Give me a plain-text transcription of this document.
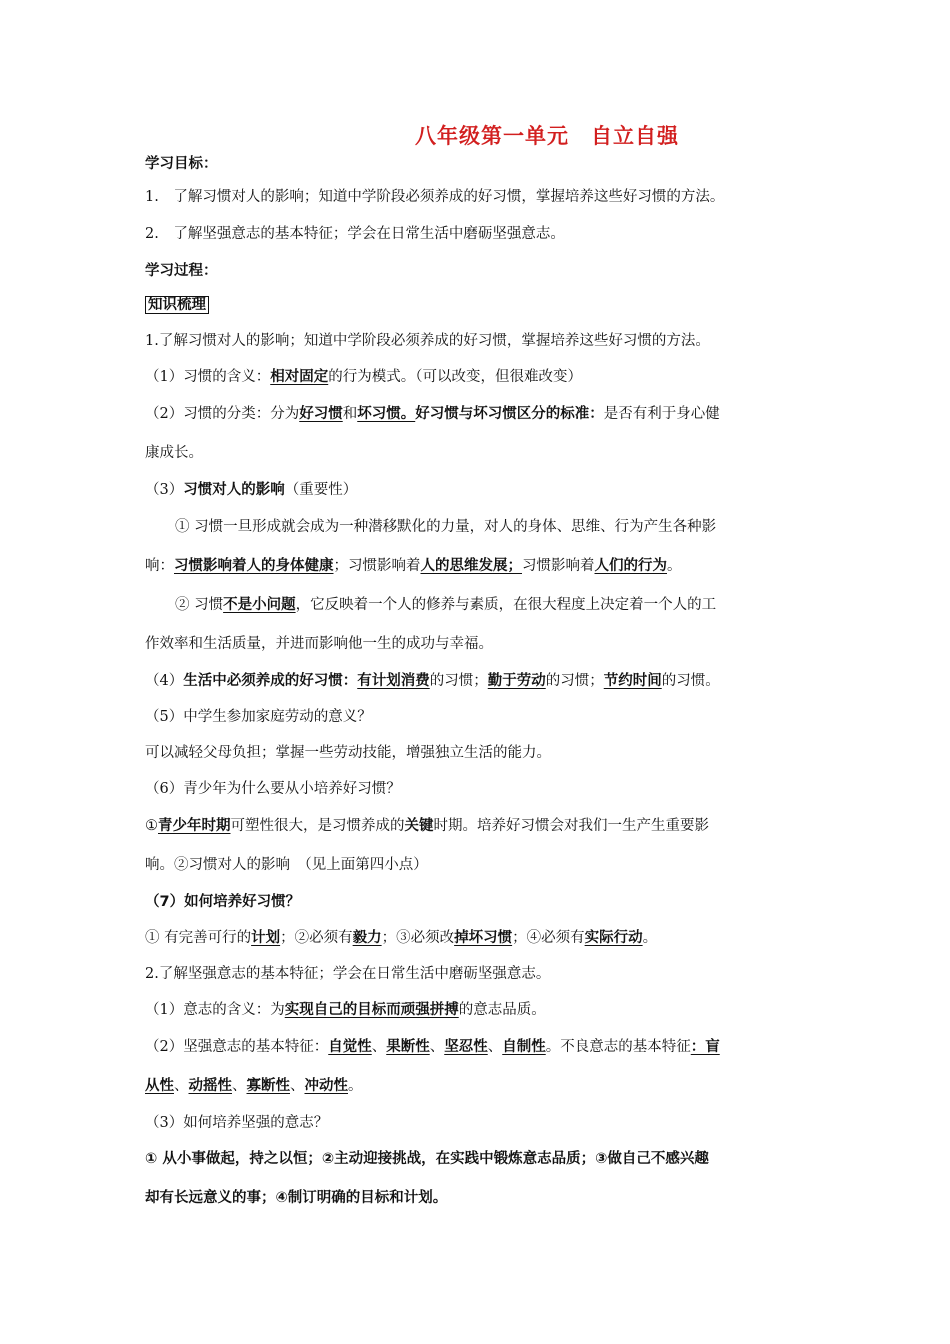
八年级第一单元　自立自强
学习目标：
1.　了解习惯对人的影响；知道中学阶段必须养成的好习惯，掌握培养这些好习惯的方法。
2.　了解坚强意志的基本特征；学会在日常生活中磨砺坚强意志。
学习过程：
知识梳理
1.了解习惯对人的影响；知道中学阶段必须养成的好习惯，掌握培养这些好习惯的方法。
（1）习惯的含义：相对固定的行为模式。（可以改变，但很难改变）
（2）习惯的分类：分为好习惯和坏习惯。好习惯与坏习惯区分的标准：是否有利于身心健
康成长。
（3）习惯对人的影响（重要性）
① 习惯一旦形成就会成为一种潜移默化的力量，对人的身体、思维、行为产生各种影
响：习惯影响着人的身体健康；习惯影响着人的思维发展；习惯影响着人们的行为。
② 习惯不是小问题，它反映着一个人的修养与素质，在很大程度上决定着一个人的工
作效率和生活质量，并进而影响他一生的成功与幸福。
（4）生活中必须养成的好习惯：有计划消费的习惯；勤于劳动的习惯；节约时间的习惯。
（5）中学生参加家庭劳动的意义？
可以减轻父母负担；掌握一些劳动技能，增强独立生活的能力。
（6）青少年为什么要从小培养好习惯？
①青少年时期可塑性很大，是习惯养成的关键时期。培养好习惯会对我们一生产生重要影
响。②习惯对人的影响　（见上面第四小点）
（7）如何培养好习惯？
① 有完善可行的计划；②必须有毅力；③必须改掉坏习惯；④必须有实际行动。
2.了解坚强意志的基本特征；学会在日常生活中磨砺坚强意志。
（1）意志的含义：为实现自己的目标而顽强拼搏的意志品质。
（2）坚强意志的基本特征：自觉性、果断性、坚忍性、自制性。不良意志的基本特征：盲
从性、动摇性、寡断性、冲动性。
（3）如何培养坚强的意志？
① 从小事做起，持之以恒；②主动迎接挑战，在实践中锻炼意志品质；③做自己不感兴趣
却有长远意义的事；④制订明确的目标和计划。
